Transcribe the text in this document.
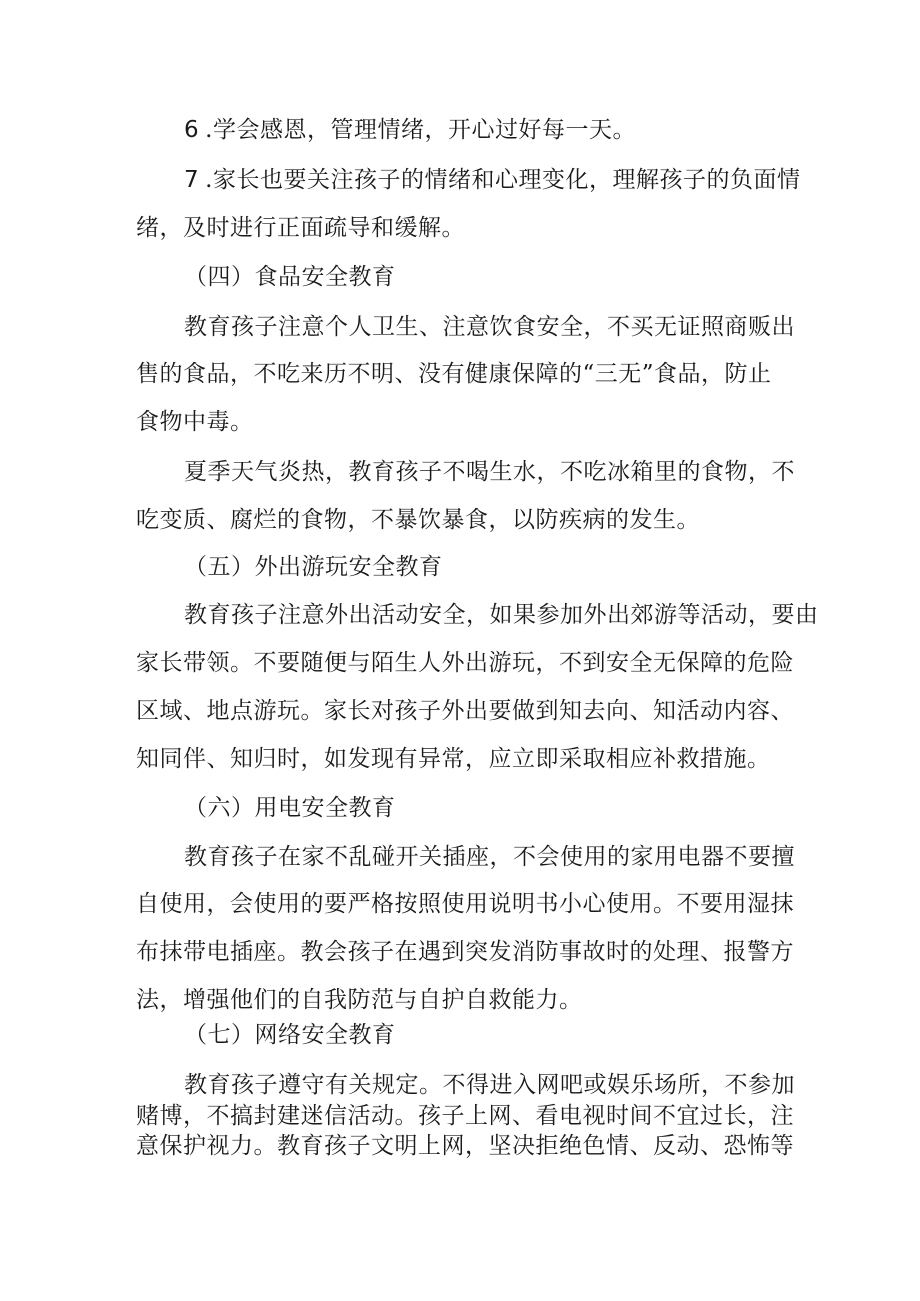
6 .学会感恩，管理情绪，开心过好每一天。
7 .家长也要关注孩子的情绪和心理变化，理解孩子的负面情
绪，及时进行正面疏导和缓解。
（四）食品安全教育
教育孩子注意个人卫生、注意饮食安全，不买无证照商贩出
售的食品，不吃来历不明、没有健康保障的“三无”食品，防止
食物中毒。
夏季天气炎热，教育孩子不喝生水，不吃冰箱里的食物，不
吃变质、腐烂的食物，不暴饮暴食，以防疾病的发生。
（五）外出游玩安全教育
教育孩子注意外出活动安全，如果参加外出郊游等活动，要由
家长带领。不要随便与陌生人外出游玩，不到安全无保障的危险
区域、地点游玩。家长对孩子外出要做到知去向、知活动内容、
知同伴、知归时，如发现有异常，应立即采取相应补救措施。
（六）用电安全教育
教育孩子在家不乱碰开关插座，不会使用的家用电器不要擅
自使用，会使用的要严格按照使用说明书小心使用。不要用湿抹
布抹带电插座。教会孩子在遇到突发消防事故时的处理、报警方
法，增强他们的自我防范与自护自救能力。
（七）网络安全教育
教育孩子遵守有关规定。不得进入网吧或娱乐场所，不参加
赌博，不搞封建迷信活动。孩子上网、看电视时间不宜过长，注
意保护视力。教育孩子文明上网，坚决拒绝色情、反动、恐怖等
